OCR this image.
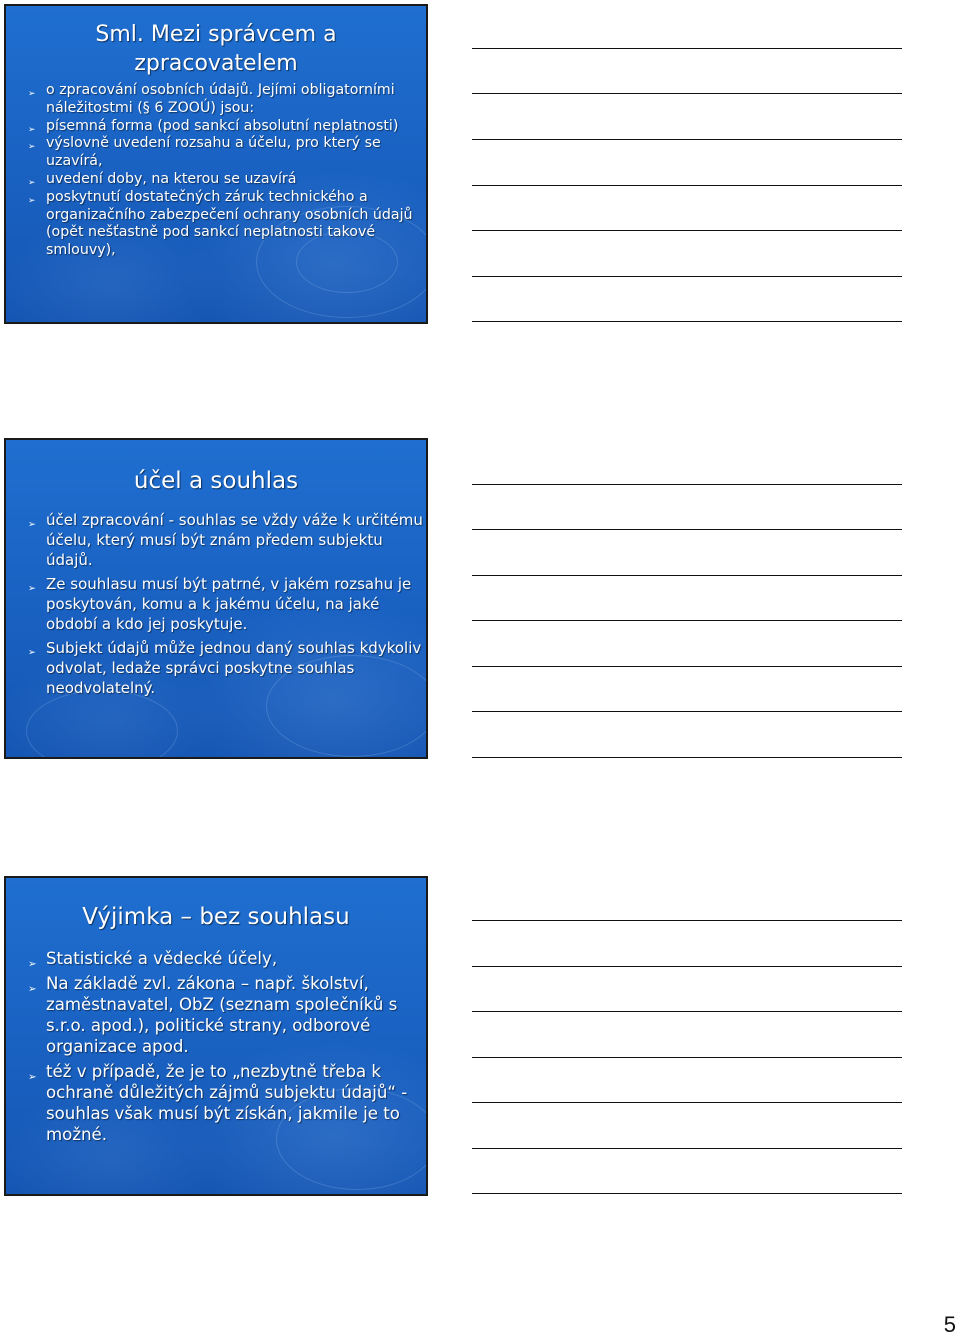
Sml. Mezi správcem a
zpracovatelem
➢ o zpracování osobních údajů. Jejími obligatorními náležitostmi (§ 6 ZOOÚ) jsou:
➢ písemná forma (pod sankcí absolutní neplatnosti)
➢ výslovně uvedení rozsahu a účelu, pro který se uzavírá,
➢ uvedení doby, na kterou se uzavírá
➢ poskytnutí dostatečných záruk technického a organizačního zabezpečení ochrany osobních údajů (opět nešťastně pod sankcí neplatnosti takové smlouvy),
účel a souhlas
➢ účel zpracování - souhlas se vždy váže k určitému účelu, který musí být znám předem subjektu údajů.
➢ Ze souhlasu musí být patrné, v jakém rozsahu je poskytován, komu a k jakému účelu, na jaké období a kdo jej poskytuje.
➢ Subjekt údajů může jednou daný souhlas kdykoliv odvolat, ledaže správci poskytne souhlas neodvolatelný.
Výjimka – bez souhlasu
➢ Statistické a vědecké účely,
➢ Na základě zvl. zákona – např. školství, zaměstnavatel, ObZ (seznam společníků s s.r.o. apod.), politické strany, odborové organizace apod.
➢ též v případě, že je to „nezbytně třeba k ochraně důležitých zájmů subjektu údajů“ - souhlas však musí být získán, jakmile je to možné.
5
